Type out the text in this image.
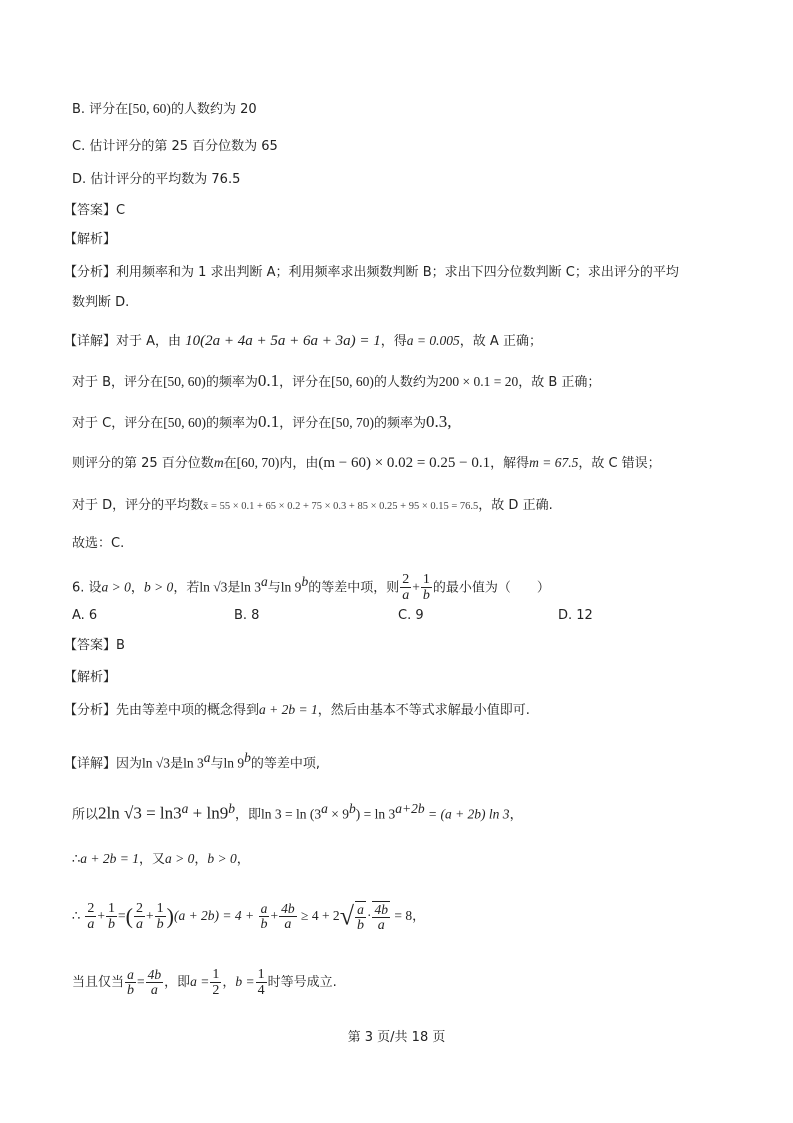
B. 评分在[50, 60)的人数约为 20
C. 估计评分的第 25 百分位数为 65
D. 估计评分的平均数为 76.5
【答案】C
【解析】
【分析】利用频率和为 1 求出判断 A；利用频率求出频数判断 B；求出下四分位数判断 C；求出评分的平均
数判断 D.
【详解】对于 A，由 10(2a + 4a + 5a + 6a + 3a) = 1，得a = 0.005，故 A 正确；
对于 B，评分在[50, 60)的频率为0.1，评分在[50, 60)的人数约为200 × 0.1 = 20，故 B 正确；
对于 C，评分在[50, 60)的频率为0.1，评分在[50, 70)的频率为0.3,
则评分的第 25 百分位数m在[60, 70)内，由(m − 60) × 0.02 = 0.25 − 0.1，解得m = 67.5，故 C 错误；
对于 D，评分的平均数x̄ = 55 × 0.1 + 65 × 0.2 + 75 × 0.3 + 85 × 0.25 + 95 × 0.15 = 76.5，故 D 正确.
故选：C.
6. 设a > 0，b > 0，若ln √3是ln 3$^a$与ln 9$^b$的等差中项，则 $\frac{2}{a} + \frac{1}{b}$ 的最小值为（　　）
A. 6	B. 8	C. 9	D. 12
【答案】B
【解析】
【分析】先由等差中项的概念得到a + 2b = 1，然后由基本不等式求解最小值即可.
【详解】因为ln √3是ln 3$^a$与ln 9$^b$的等差中项,
所以2ln $√3 = \ln 3^a + \ln 9^b$，即$\ln 3 = \ln (3^a \times 9^b) = \ln 3^{a+2b} = (a + 2b)$ ln 3，
∴a + 2b = 1，又a > 0，b > 0，
∴ $\frac{2}{a} + \frac{1}{b}$ =( $\frac{2}{a} + \frac{1}{b} )(a + 2b) = 4 + \frac{a}{b} + \frac{4b}{a} \ge 4 + 2√ \frac{a}{b} \cdot \frac{4b}{a} = 8$，
当且仅当 $\frac{a}{b} = \frac{4b}{a}$ ，即$a = \frac{1}{2}$ ，$b = \frac{1}{4}$ 时等号成立.
第 3 页/共 18 页
